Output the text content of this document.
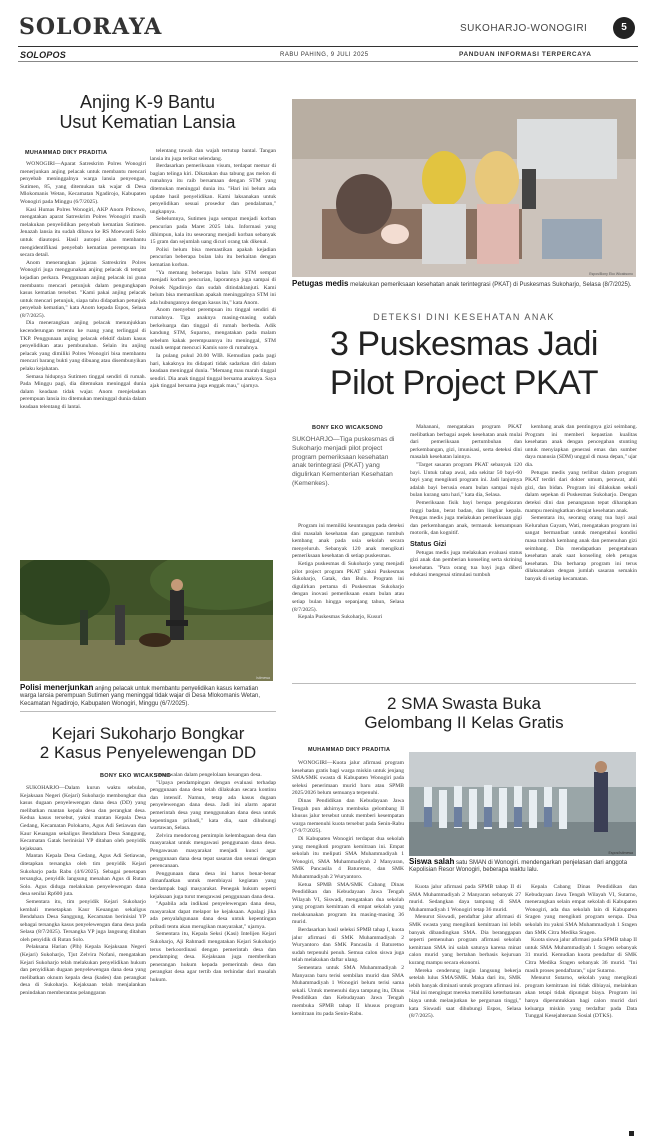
SOLORAYA	SUKOHARJO-WONOGIRI	5
SOLOPOS	RABU PAHING, 9 JULI 2025	PANDUAN INFORMASI TERPERCAYA
Anjing K-9 Bantu
Usut Kematian Lansia
MUHAMMAD DIKY PRADITIA

WONOGIRI—Aparat Satreskrim Polres Wonogiri menerjunkan anjing pelacak untuk membantu mencari penyebab meninggalnya warga lansia penyengan, Sutimen, 85, yang ditemukan tak wajar di Desa Mlokomanis Wetan, Kecamatan Ngadirojo, Kabupaten Wonogiri pada Minggu (6/7/2025).

Kasi Humas Polres Wonogiri, AKP Anom Pribowo, mengatakan aparat Satreskrim Polres Wonogiri masih melakukan penyelidikan penyebab kematian Sutimen. Jenazah lansia itu sudah dibawa ke RS Moewardi Solo untuk diautopsi. Hasil autopsi akan membantu mengidentifikasi penyebab kematian perempuan itu secara detail.

Anom menerangkan jajaran Satreskrim Polres Wonogiri juga menggunakan anjing pelacak di tempat kejadian perkara. Penggunaan anjing pelacak ini guna membantu mencari petunjuk dalam pengungkapan kasus kematian tersebut. "Kami pakai anjing pelacak untuk mencari petunjuk, siapa tahu didapatkan petunjuk penyebab kematian," kata Anom kepada Espos, Selasa (8/7/2025).

Dia menerangkan anjing pelacak menunjukkan kecenderungan tertentu ke ruang yang terlinggal di TKP. Penggunaan anjing pelacak efektif dalam kasus penyelidikan atau pembunuhan. Selain itu anjing pelacak yang dimiliki Polres Wonogiri bisa membantu mencari barang bukti yang dibuang atau disembunyikan pelaku kejahatan.

Semasa hidupnya Sutimen tinggal sendiri di rumah. Pada Minggu pagi, dia ditemukan meninggal dunia dalam keadaan tidak wajar. Anom menjelaskan perempuan lansia itu ditemukan meninggal dunia dalam keadaan telentang di lantai.

telentang tawah dan wajah tertutup bantal. Tangan lansia itu juga terikat selendang.

Berdasarkan pemeriksaan visum, terdapat memar di bagian telinga kiri. Dikatakan dua tabung gas melon di rumahnya itu raib bersamaan dengan STM yang ditemukan meninggal dunia itu. "Hari ini belum ada update hasil penyelidikan. Kami laksanakan untuk penyelidikan sesuai prosedur dan pendalaman," ungkapnya.

Sebelumnya, Sutimen juga sempat menjadi korban pencurian pada Maret 2025 lalu. Informasi yang dihimpun, kala itu seseorang menjadi korban sebanyak 15 gram dan sejumlah uang dicuri orang tak dikenal.

Polisi belum bisa memastikan apakah kejadian pencurian beberapa bulan lalu itu berkaitan dengan kematian korban.

"Ya memang beberapa bulan lalu STM sempat menjadi korban pencurian, laporannya juga sampai di Polsek Ngadirojo dan sudah ditindaklanjuti. Kami belum bisa memastikan apakah meninggalnya STM ini ada hubungannya dengan kasus itu," kata Anom.

Anom menyebut perempuan itu tinggal sendiri di rumahnya. Tiga anaknya masing-masing sudah berkeluarga dan tinggal di rumah berbeda. Adik kandung STM, Suparno, mengatakan pada malam sebelum kakak perempuannya itu meninggal, STM masih sempat mencuci Kamis sore di rumahnya.

Ia pulang pukul 20.00 WIB. Kemudian pada pagi hari, kakaknya itu didapati tidak sadarkan diri dalam keadaan meninggal dunia. "Memang mau marah tinggal sendiri. Dia anak tinggal tinggal bersama anaknya. Saya ajak tinggal bersama juga enggak mau," ujarnya.

Istimewa
Polisi menerjunkan anjing pelacak untuk membantu penyelidikan kasus kematian warga lansia perempuan Sutimen yang meninggal tidak wajar di Desa Mlokomanis Wetan, Kecamatan Ngadirojo, Kabupaten Wonogiri, Minggu (6/7/2025).
Kejari Sukoharjo Bongkar
2 Kasus Penyelewengan DD
BONY EKO WICAKSONO

SUKOHARJO—Dalam kurun waktu sebulan, Kejaksaan Negeri (Kejari) Sukoharjo membongkar dua kasus dugaan penyelewengan dana desa (DD) yang melibatkan mantan kepala desa dan perangkat desa. Kedua kasus tersebut, yakni mantan Kepala Desa Gedang, Kecamatan Polokarto, Agus Adi Setiawan dan Kaur Keuangan sekaligus Bendahara Desa Sanggung, Kecamatan Gatak berinisial YP ditahan oleh penyidik kejaksaan.

Mantan Kepala Desa Gedang, Agus Adi Setiawan, ditetapkan tersangka oleh tim penyidik Kejari Sukoharjo pada Rabu (4/6/2025). Sebagai penetapan tersangka, penyidik langsung menahan Agus di Rutan Solo. Agus diduga melakukan penyelewengan dana desa senilai Rp600 juta.

Sementara itu, tim penyidik Kejari Sukoharjo kembali menetapkan Kaur Keuangan sekaligus Bendahara Desa Sanggung, Kecamatan berinisial YP sebagai tersangka kasus penyelewengan dana desa pada Selasa (8/7/2025). Tersangka YP juga langsung ditahan oleh penyidik di Rutan Solo.

Pelaksana Harian (Plh) Kepala Kejaksaan Negeri (Kejari) Sukoharjo, Tjut Zelvira Nofani, mengatakan Kejari Sukoharjo telah melakukan penyelidikan hukum dan penyidikan dugaan penyelewengan dana desa yang melibatkan oknum kepala desa (kades) dan perangkat desa di Sukoharjo. Kejaksaan telah menjalankan penindakan memberantas pelanggaran

pengawalan dalam pengelolaan keuangan desa.

"Upaya pendampingan dengan evaluasi terhadap penggunaan dana desa telah dilakukan secara kontinu dan intensif. Namun, tetap ada kasus dugaan penyelewengan dana desa. Jadi ini alarm aparat pemerintah desa yang menggunakan dana desa untuk kepentingan pribadi," kata dia, saat dihubungi wartawan, Selasa.

Zelvira mendorong pemimpin kelembagaan desa dan masyarakat untuk mengawasi penggunaan dana desa. Pengawasan masyarakat menjadi kunci agar penggunaan dana desa tepat sasaran dan sesuai dengan perencanaan.

Penggunaan dana desa ini harus benar-benar dimanfaatkan untuk membiayai kegiatan yang berdampak bagi masyarakat. Penegak hukum seperti kejaksaan juga turut mengawasi penggunaan dana desa.

"Apabila ada indikasi penyelewengan dana desa, masyarakat dapat melapor ke kejaksaan. Apalagi jika ada penyalahgunaan dana desa untuk kepentingan pribadi tentu akan merugikan masyarakat," ujarnya.

Sementara itu, Kepala Seksi (Kasi) Intelijen Kejari Sukoharjo, Aji Rahmadi mengatakan Kejari Sukoharjo terus berkoordinasi dengan pemerintah desa dan pendamping desa. Kejaksaan juga memberikan penerangan hukum kepada pemerintah desa dan perangkat desa agar tertib dan terhindar dari masalah hukum.

Espos/Bony Eko Wicaksono
Petugas medis melakukan pemeriksaan kesehatan anak terintegrasi (PKAT) di Puskesmas Sukoharjo, Selasa (8/7/2025).
DETEKSI DINI KESEHATAN ANAK
3 Puskesmas Jadi
Pilot Project PKAT
BONY EKO WICAKSONO
SUKOHARJO—Tiga puskesmas di Sukoharjo menjadi pilot project program pemeriksaan kesehatan anak terintegrasi (PKAT) yang digulirkan Kementerian Kesehatan (Kemenkes).

Program ini memiliki keuntungan pada deteksi dini masalah kesehatan dan gangguan tumbuh kembang anak pada usia sekolah secara menyeluruh. Sebanyak 120 anak mengikuti pemeriksaan kesehatan di setiap puskesmas.

Ketiga puskesmas di Sukoharjo yang menjadi pilot project program PKAT yakni Puskesmas Sukoharjo, Gatak, dan Bulu. Program ini digulirkan pertama di Puskesmas Sukoharjo dengan inovasi pemeriksaan enam bulan atau setiap bulan hingga sepanjang tahun, Selasa (8/7/2025).

Kepala Puskesmas Sukoharjo, Kusuri

Mahanani, mengatakan program PKAT melibatkan berbagai aspek kesehatan anak mulai dari pemeriksaan pertumbuhan dan perkembangan, gizi, imunisasi, serta deteksi dini masalah kesehatan lainnya.

"Target sasaran program PKAT sebanyak 120 bayi. Untuk tahap awal, ada sekitar 50 bayi-60 bayi yang mengikuti program ini. Jadi lanjutnya adalah bayi berusia enam bulan sampai tujuh bulan kurang satu hari," kata dia, Selasa.

Pemeriksaan fisik bayi berupa pengukuran tinggi badan, berat badan, dan lingkar kepala. Petugas medis juga melakukan pemeriksaan gigi dan perkembangan anak, termasuk kemampuan motorik, dan kognitif.

Status Gizi

Petugas medis juga melakukan evaluasi status gizi anak dan pemberian konseling serta skrining kesehatan. "Para orang tua bayi juga diberi edukasi mengenai stimulasi tumbuh

kembang anak dan pentingnya gizi seimbang. Program ini memberi kepastian kualitas kesehatan anak dengan pencegahan stunting untuk menyiapkan generasi emas dan sumber daya manusia (SDM) unggul di masa depan," ujar dia.

Petugas medis yang terlibat dalam program PKAT terdiri dari dokter umum, perawat, ahli gizi, dan bidan. Program ini dilakukan sekali dalam sepekan di Puskesmas Sukoharjo. Dengan deteksi dini dan penanganan tepat diharapkan mampu meningkatkan derajat kesehatan anak.

Sementara itu, seorang orang tua bayi asal Kelurahan Gayam, Wati, mengatakan program ini sangat bermanfaat untuk mengetahui kondisi masa tumbuh kembang anak dan pemenuhan gizi seimbang. Dia mendapatkan pengetahuan kesehatan anak saat konseling oleh petugas kesehatan. Dia berharap program ini terus dilaksanakan dengan jumlah sasaran semakin banyak di setiap kecamatan.

2 SMA Swasta Buka
Gelombang II Kelas Gratis
MUHAMMAD DIKY PRADITIA

WONOGIRI—Kuota jalur afirmasi program kesehatan gratis bagi warga miskin untuk jenjang SMA/SMK swasta di Kabupaten Wonogiri pada seleksi penerimaan murid baru atau SPMB 2025/2026 belum semuanya terpenuhi.

Dinas Pendidikan dan Kebudayaan Jawa Tengah pun akhirnya membuka gelombang II khusus jalur tersebut untuk memberi kesempatan warga memenuhi kuota tersebut pada Senin-Rabu (7-9/7/2025).

Di Kabupaten Wonogiri terdapat dua sekolah yang mengikuti program kemitraan ini. Empat sekolah itu meliputi SMA Muhammadiyah 1 Wonogiri, SMA Muhammadiyah 2 Manyaran, SMK Pancasila 4 Baturetno, dan SMK Muhammadiyah 2 Wuryantoro.

Ketua SPMB SMA/SMK Cabang Dinas Pendidikan dan Kebudayaan Jawa Tengah Wilayah VI, Siswadi, mengatakan dua sekolah yang program kemitraan di empat sekolah yang melaksanakan program itu masing-masing 36 murid.

Berdasarkan hasil seleksi SPMB tahap I, kuota jalur afirmasi di SMK Muhammadiyah 2 Wuryantoro dan SMK Pancasila 4 Baturetno sudah terpenuhi penuh. Semua calon siswa juga telah melakukan daftar ulang.

Sementara untuk SMA Muhammadiyah 2 Manyaran baru terisi sembilan murid dan SMA Muhammadiyah 1 Wonogiri belum terisi sama sekali. Untuk memenuhi daya tampung itu, Dinas Pendidikan dan Kebudayaan Jawa Tengah membuka SPMB tahap II khusus program kemitraan itu pada Senin-Rabu.

Espos/Istimewa
Siswa salah satu SMAN di Wonogiri. mendengarkan penjelasan dari anggota Kepolisian Resor Wonogiri, beberapa waktu lalu.

Kuota jalur afirmasi pada SPMB tahap II di SMA Muhammadiyah 2 Manyaran sebanyak 27 murid. Sedangkan daya tampung di SMA Muhammadiyah 1 Wonogiri tetap 36 murid.

Menurut Siswadi, pendaftar jalur afirmasi di SMK swasta yang mengikuti kemitraan ini lebih banyak dibandingkan SMA. Dia beranggapan seperti pemenuhan program afirmasi sekolah kemitraan SMA ini salah satunya karena minat calon murid yang bertahan berbasis kejuruan kurang mampu secara ekonomi.

Mereka cenderung ingin langsung bekerja setelah lulus SMA/SMK. Maka dari itu, SMK lebih banyak diminati untuk program afirmasi ini. "Hal ini mengingat mereka memiliki keterbatasan biaya untuk melanjutkan ke perguruan tinggi," kata Siswadi saat dihubungi Espos, Selasa (8/7/2025).

Kepala Cabang Dinas Pendidikan dan Kebudayaan Jawa Tengah Wilayah VI, Sutarno, menerangkan selain empat sekolah di Kabupaten Wonogiri, ada dua sekolah lain di Kabupaten Sragen yang mengikuti program serupa. Dua sekolah itu yakni SMA Muhammadiyah 1 Sragen dan SMK Citra Medika Sragen.

Kuota siswa jalur afirmasi pada SPMB tahap II untuk SMA Muhammadiyah 1 Sragen sebanyak 31 murid. Kemudian kuota pendaftar di SMK Citra Medika Sragen sebanyak 36 murid. "Ini masih proses pendaftaran," ujar Sutarno.

Menurut Sutarno, sekolah yang mengikuti program kemitraan ini tidak dibiayai, melainkan akan tetapi tidak dipungut biaya. Program ini hanya diperuntukkan bagi calon murid dari keluarga miskin yang terdaftar pada Data Tunggal Kesejahteraan Sosial (DTKS).
